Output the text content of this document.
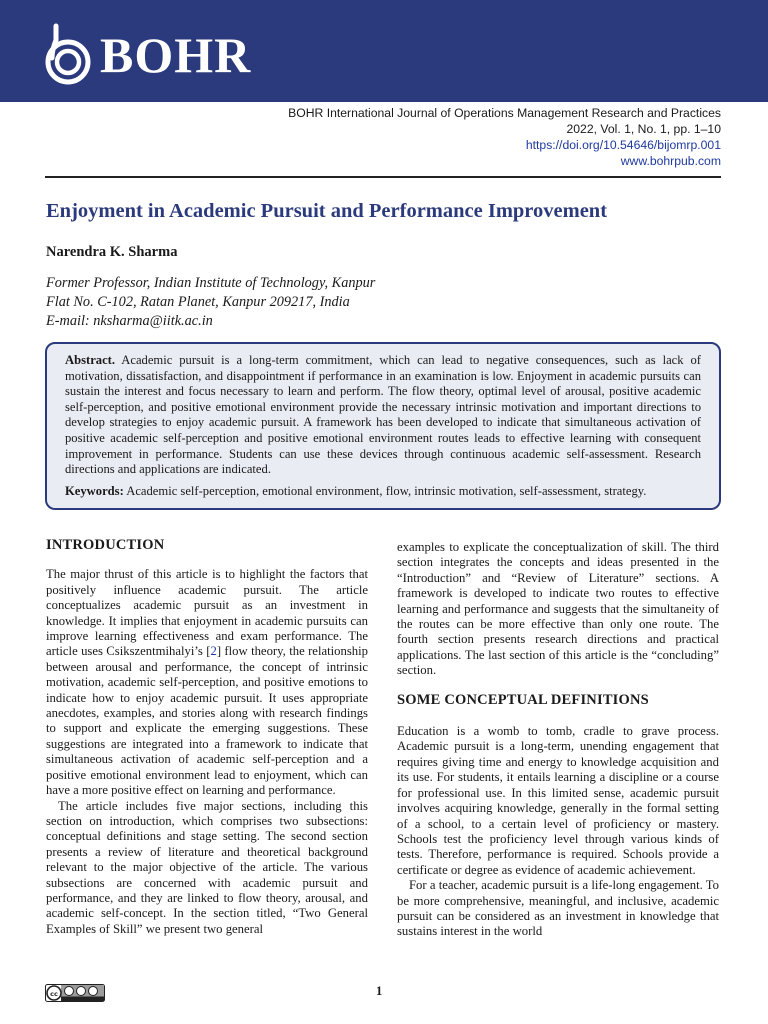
BOHR
BOHR International Journal of Operations Management Research and Practices
2022, Vol. 1, No. 1, pp. 1–10
https://doi.org/10.54646/bijomrp.001
www.bohrpub.com
Enjoyment in Academic Pursuit and Performance Improvement
Narendra K. Sharma
Former Professor, Indian Institute of Technology, Kanpur
Flat No. C-102, Ratan Planet, Kanpur 209217, India
E-mail: nksharma@iitk.ac.in
Abstract. Academic pursuit is a long-term commitment, which can lead to negative consequences, such as lack of motivation, dissatisfaction, and disappointment if performance in an examination is low. Enjoyment in academic pursuits can sustain the interest and focus necessary to learn and perform. The flow theory, optimal level of arousal, positive academic self-perception, and positive emotional environment provide the necessary intrinsic motivation and important directions to develop strategies to enjoy academic pursuit. A framework has been developed to indicate that simultaneous activation of positive academic self-perception and positive emotional environment routes leads to effective learning with consequent improvement in performance. Students can use these devices through continuous academic self-assessment. Research directions and applications are indicated.
Keywords: Academic self-perception, emotional environment, flow, intrinsic motivation, self-assessment, strategy.
INTRODUCTION

The major thrust of this article is to highlight the factors that positively influence academic pursuit. The article conceptualizes academic pursuit as an investment in knowledge. It implies that enjoyment in academic pursuits can improve learning effectiveness and exam performance. The article uses Csikszentmihalyi’s [2] flow theory, the relationship between arousal and performance, the concept of intrinsic motivation, academic self-perception, and positive emotions to indicate how to enjoy academic pursuit. It uses appropriate anecdotes, examples, and stories along with research findings to support and explicate the emerging suggestions. These suggestions are integrated into a framework to indicate that simultaneous activation of academic self-perception and a positive emotional environment lead to enjoyment, which can have a more positive effect on learning and performance.

The article includes five major sections, including this section on introduction, which comprises two subsections: conceptual definitions and stage setting. The second section presents a review of literature and theoretical background relevant to the major objective of the article. The various subsections are concerned with academic pursuit and performance, and they are linked to flow theory, arousal, and academic self-concept. In the section titled, “Two General Examples of Skill” we present two general

examples to explicate the conceptualization of skill. The third section integrates the concepts and ideas presented in the “Introduction” and “Review of Literature” sections. A framework is developed to indicate two routes to effective learning and performance and suggests that the simultaneity of the routes can be more effective than only one route. The fourth section presents research directions and practical applications. The last section of this article is the “concluding” section.

SOME CONCEPTUAL DEFINITIONS

Education is a womb to tomb, cradle to grave process. Academic pursuit is a long-term, unending engagement that requires giving time and energy to knowledge acquisition and its use. For students, it entails learning a discipline or a course for professional use. In this limited sense, academic pursuit involves acquiring knowledge, generally in the formal setting of a school, to a certain level of proficiency or mastery. Schools test the proficiency level through various kinds of tests. Therefore, performance is required. Schools provide a certificate or degree as evidence of academic achievement.

For a teacher, academic pursuit is a life-long engagement. To be more comprehensive, meaningful, and inclusive, academic pursuit can be considered as an investment in knowledge that sustains interest in the world

cc	1
